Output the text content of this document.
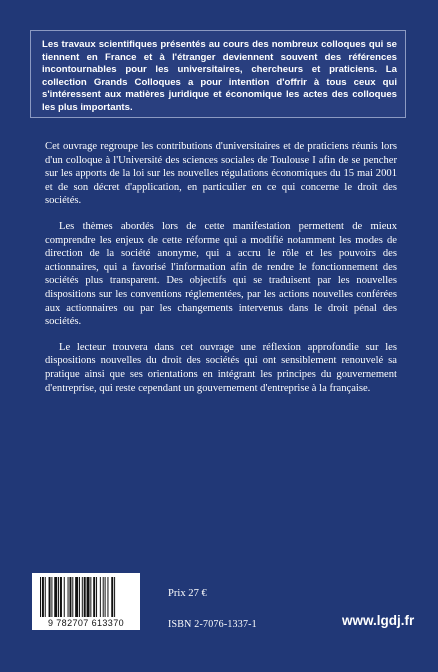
Les travaux scientifiques présentés au cours des nombreux colloques qui se tiennent en France et à l'étranger deviennent souvent des références incontournables pour les universitaires, chercheurs et praticiens. La collection Grands Colloques a pour intention d'offrir à tous ceux qui s'intéressent aux matières juridique et économique les actes des colloques les plus importants.

Cet ouvrage regroupe les contributions d'universitaires et de praticiens réunis lors d'un colloque à l'Université des sciences sociales de Toulouse I afin de se pencher sur les apports de la loi sur les nouvelles régulations économiques du 15 mai 2001 et de son décret d'application, en particulier en ce qui concerne le droit des sociétés.

Les thèmes abordés lors de cette manifestation permettent de mieux comprendre les enjeux de cette réforme qui a modifié notamment les modes de direction de la société anonyme, qui a accru le rôle et les pouvoirs des actionnaires, qui a favorisé l'information afin de rendre le fonctionnement des sociétés plus transparent. Des objectifs qui se traduisent par les nouvelles dispositions sur les conventions réglementées, par les actions nouvelles conférées aux actionnaires ou par les changements intervenus dans le droit pénal des sociétés.

Le lecteur trouvera dans cet ouvrage une réflexion approfondie sur les dispositions nouvelles du droit des sociétés qui ont sensiblement renouvelé sa pratique ainsi que ses orientations en intégrant les principes du gouvernement d'entreprise, qui reste cependant un gouvernement d'entreprise à la française.

9 782707 613370
Prix 27 €
ISBN 2-7076-1337-1	www.lgdj.fr
